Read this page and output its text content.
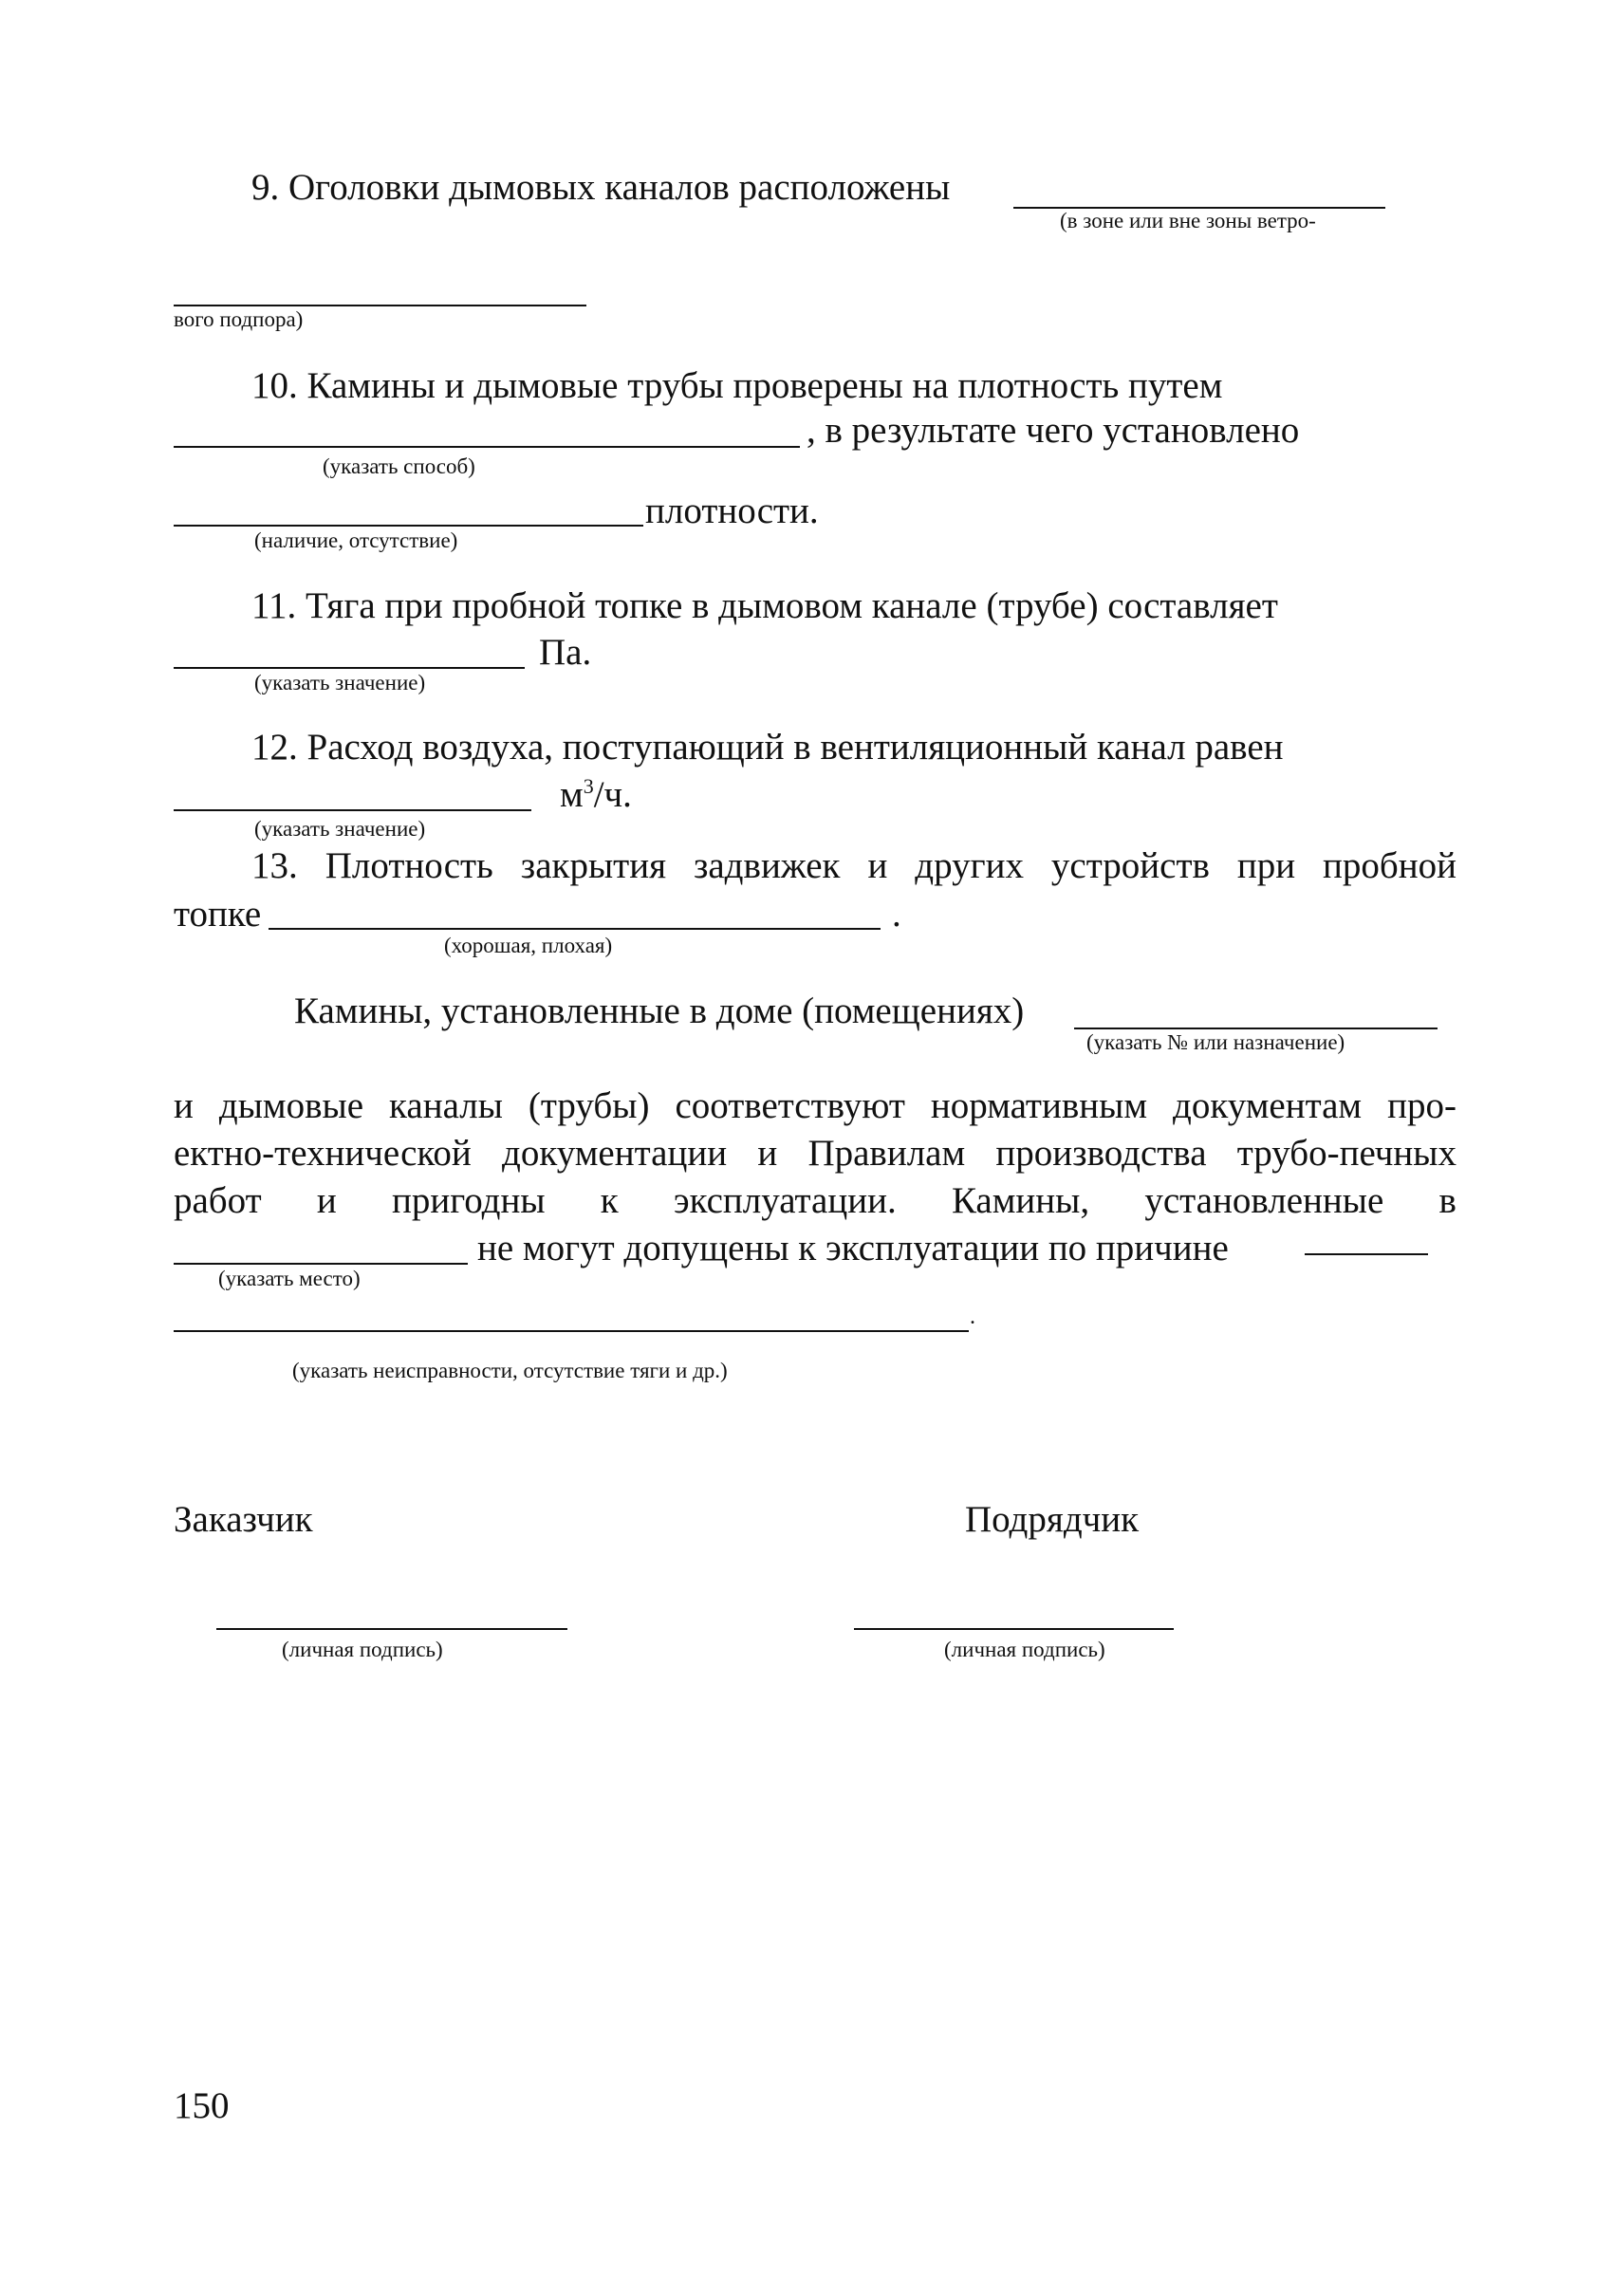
9. Оголовки дымовых каналов расположены
(в зоне или вне зоны ветро-
вого подпора)
10. Камины и дымовые трубы проверены на плотность путем
, в результате чего установлено
(указать способ)
плотности.
(наличие, отсутствие)
11. Тяга при пробной топке в дымовом канале (трубе) составляет
Па.
(указать значение)
12. Расход воздуха, поступающий в вентиляционный канал равен
$м^3/ч$.
(указать значение)
13. Плотность закрытия задвижек и других устройств при пробной
топке	.
(хорошая, плохая)
Камины, установленные в доме (помещениях)
(указать № или назначение)
и дымовые каналы (трубы) соответствуют нормативным документам про-
ектно-технической документации и Правилам производства трубо-печных
работ и пригодны к эксплуатации. Камины, установленные в
не могут допущены к эксплуатации по причине
(указать место)
.
(указать неисправности, отсутствие тяги и др.)
Заказчик	Подрядчик
(личная подпись)	(личная подпись)
150
